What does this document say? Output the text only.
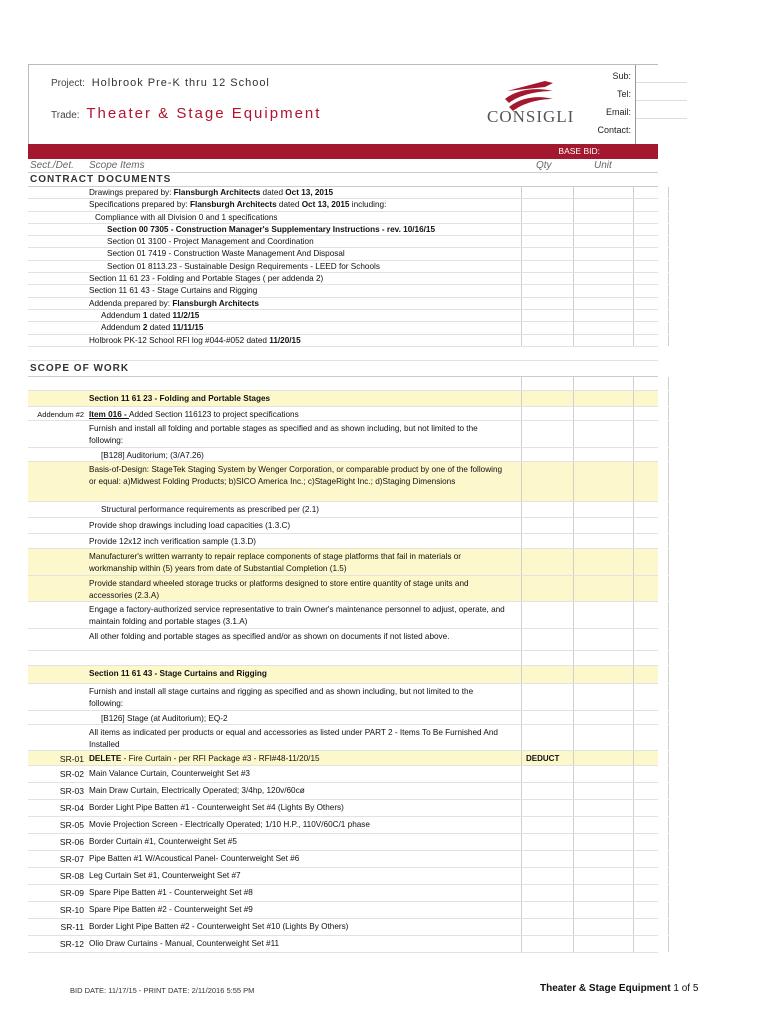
Project: Holbrook Pre-K thru 12 School
Trade: Theater & Stage Equipment	CONSIGLI
Sub:
Tel:
Email:
Contact:
BASE BID:
Sect./Det. Scope Items	Qty	Unit
CONTRACT DOCUMENTS
Drawings prepared by: Flansburgh Architects dated Oct 13, 2015
Specifications prepared by: Flansburgh Architects dated Oct 13, 2015 including:
Compliance with all Division 0 and 1 specifications
Section 00 7305 - Construction Manager's Supplementary Instructions - rev. 10/16/15
Section 01 3100 - Project Management and Coordination
Section 01 7419 - Construction Waste Management And Disposal
Section 01 8113.23 - Sustainable Design Requirements - LEED for Schools
Section 11 61 23 - Folding and Portable Stages ( per addenda 2)
Section 11 61 43 - Stage Curtains and Rigging
Addenda prepared by: Flansburgh Architects
Addendum 1 dated 11/2/15
Addendum 2 dated 11/11/15
Holbrook PK-12 School RFI log #044-#052 dated 11/20/15
SCOPE OF WORK
Section 11 61 23 - Folding and Portable Stages
Addendum #2 Item 016 - Added Section 116123 to project specifications
Furnish and install all folding and portable stages as specified and as shown including, but not limited to the following:
[B128] Auditorium; (3/A7.26)
Basis-of-Design: StageTek Staging System by Wenger Corporation, or comparable product by one of the following or equal: a)Midwest Folding Products; b)SICO America Inc.; c)StageRight Inc.; d)Staging Dimensions
Structural performance requirements as prescribed per (2.1)
Provide shop drawings including load capacities (1.3.C)
Provide 12x12 inch verification sample (1.3.D)
Manufacturer's written warranty to repair replace components of stage platforms that fail in materials or workmanship within (5) years from date of Substantial Completion (1.5)
Provide standard wheeled storage trucks or platforms designed to store entire quantity of stage units and accessories (2.3.A)
Engage a factory-authorized service representative to train Owner's maintenance personnel to adjust, operate, and maintain folding and portable stages (3.1.A)
All other folding and portable stages as specified and/or as shown on documents if not listed above.
Section 11 61 43 - Stage Curtains and Rigging
Furnish and install all stage curtains and rigging as specified and as shown including, but not limited to the following:
[B126] Stage (at Auditorium); EQ-2
All items as indicated per products or equal and accessories as listed under PART 2 - Items To Be Furnished And Installed
SR-01 DELETE - Fire Curtain - per RFI Package #3 - RFI#48-11/20/15	DEDUCT
SR-02 Main Valance Curtain, Counterweight Set #3
SR-03 Main Draw Curtain, Electrically Operated; 3/4hp, 120v/60cø
SR-04 Border Light Pipe Batten #1 - Counterweight Set #4 (Lights By Others)
SR-05 Movie Projection Screen - Electrically Operated; 1/10 H.P., 110V/60C/1 phase
SR-06 Border Curtain #1, Counterweight Set #5
SR-07 Pipe Batten #1 W/Acoustical Panel- Counterweight Set #6
SR-08 Leg Curtain Set #1, Counterweight Set #7
SR-09 Spare Pipe Batten #1 - Counterweight Set #8
SR-10 Spare Pipe Batten #2 - Counterweight Set #9
SR-11 Border Light Pipe Batten #2 - Counterweight Set #10 (Lights By Others)
SR-12 Olio Draw Curtains - Manual, Counterweight Set #11
BID DATE: 11/17/15 - PRINT DATE: 2/11/2016 5:55 PM	Theater & Stage Equipment 1 of 5
